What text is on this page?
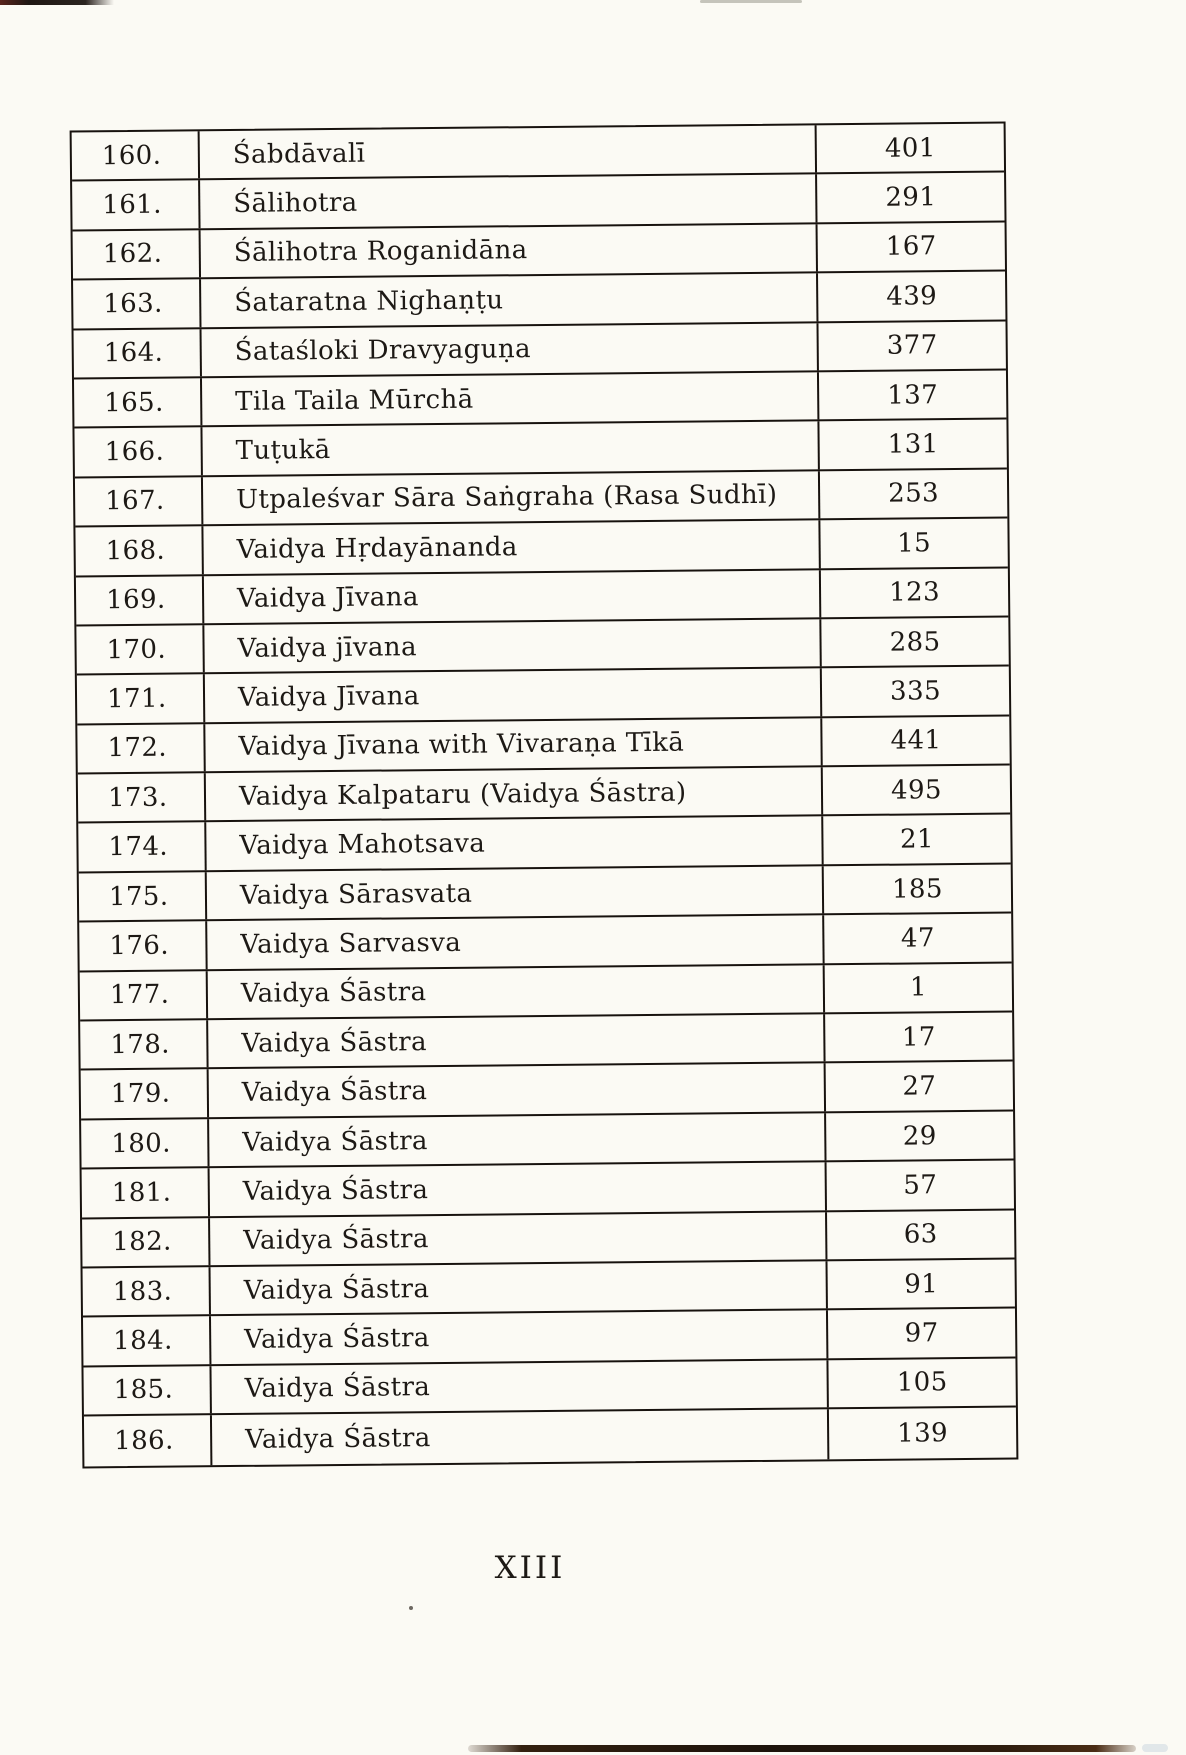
160.	Śabdāvalī	401
161.	Śālihotra	291
162.	Śālihotra Roganidāna	167
163.	Śataratna Nighaṇṭu	439
164.	Śataśloki Dravyaguṇa	377
165.	Tila Taila Mūrchā	137
166.	Tuṭukā	131
167.	Utpaleśvar Sāra Saṅgraha (Rasa Sudhī)	253
168.	Vaidya Hṛdayānanda	15
169.	Vaidya Jīvana	123
170.	Vaidya jīvana	285
171.	Vaidya Jīvana	335
172.	Vaidya Jīvana with Vivaraṇa Tīkā	441
173.	Vaidya Kalpataru (Vaidya Śāstra)	495
174.	Vaidya Mahotsava	21
175.	Vaidya Sārasvata	185
176.	Vaidya Sarvasva	47
177.	Vaidya Śāstra	1
178.	Vaidya Śāstra	17
179.	Vaidya Śāstra	27
180.	Vaidya Śāstra	29
181.	Vaidya Śāstra	57
182.	Vaidya Śāstra	63
183.	Vaidya Śāstra	91
184.	Vaidya Śāstra	97
185.	Vaidya Śāstra	105
186.	Vaidya Śāstra	139
XIII
